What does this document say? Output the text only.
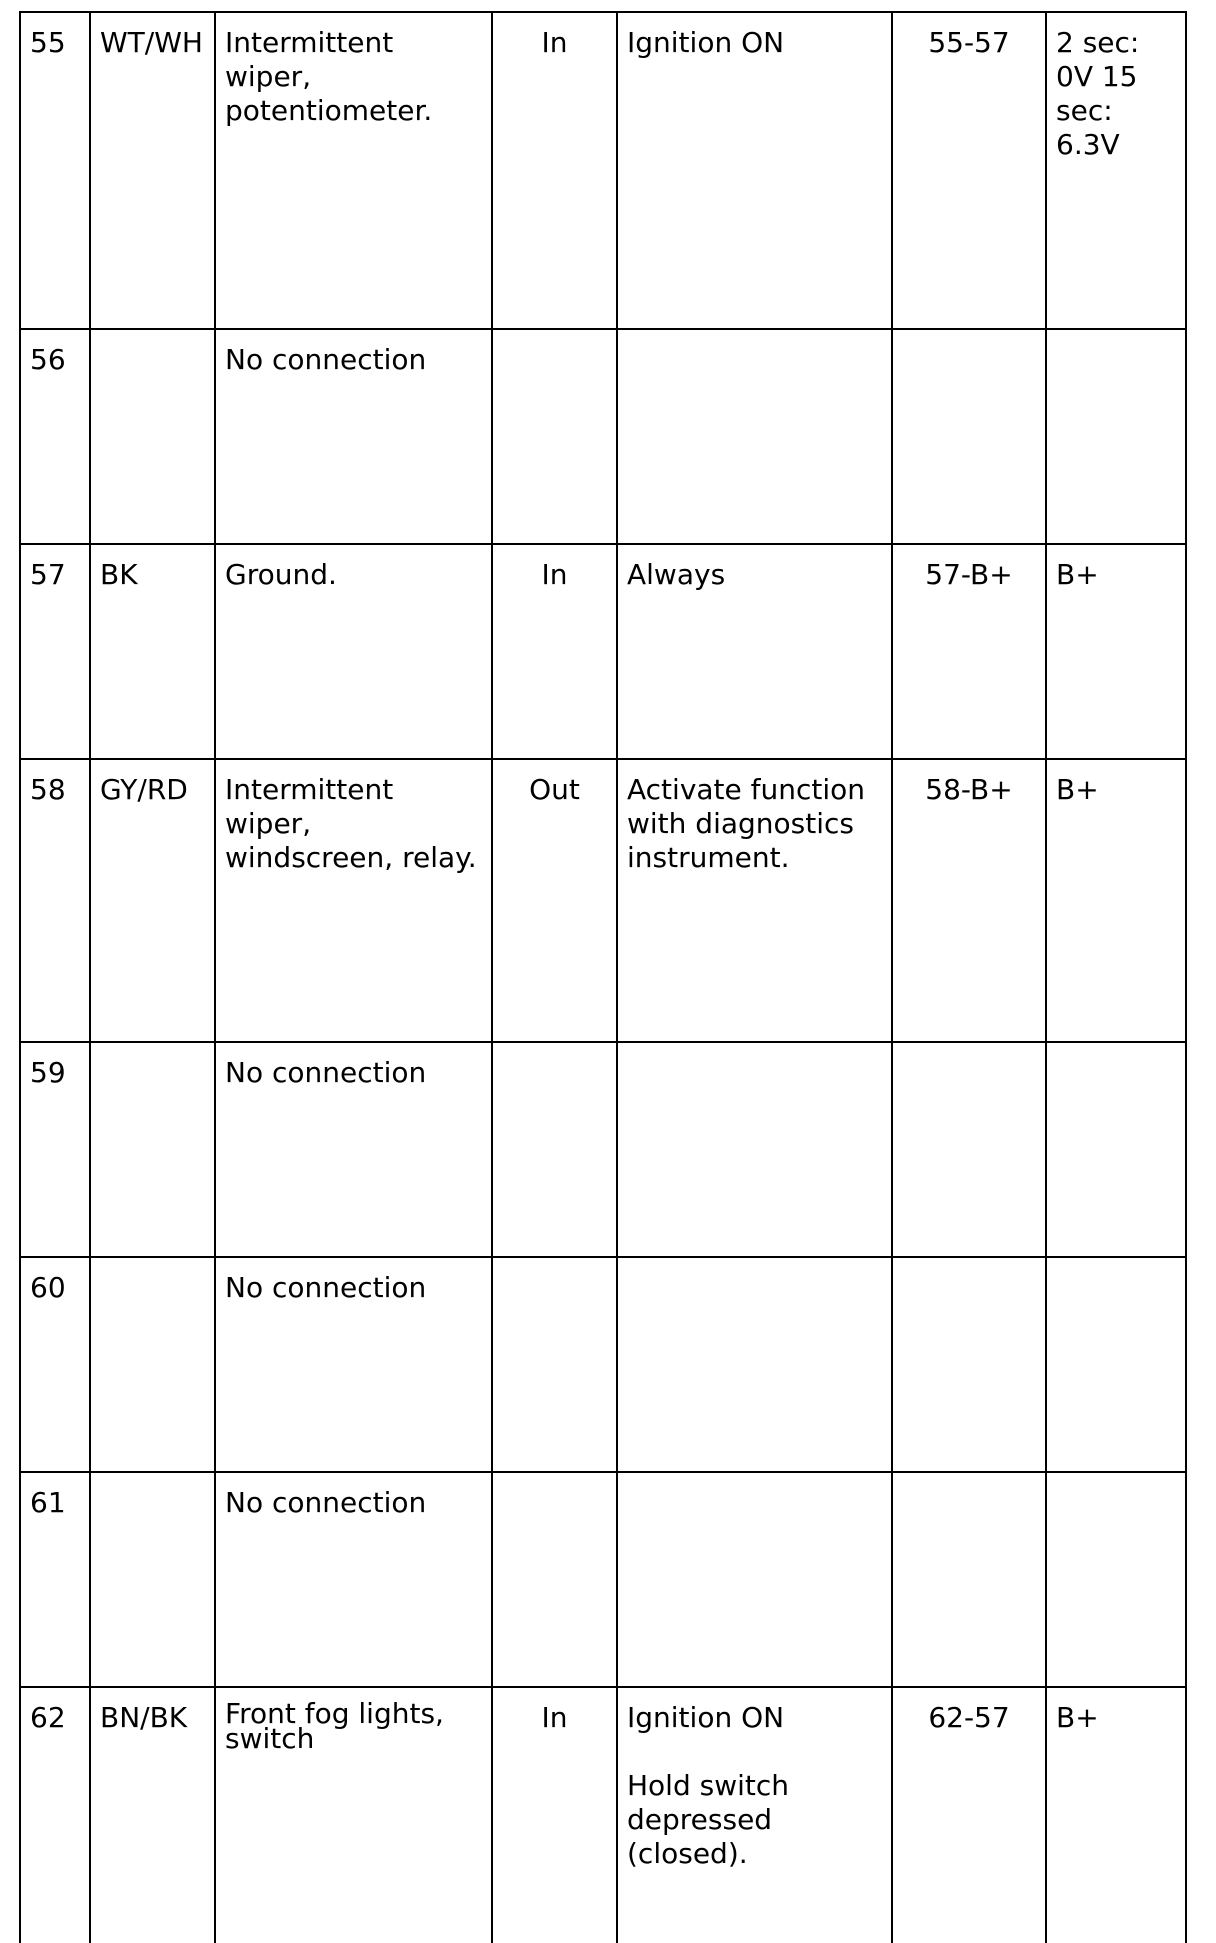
55	WT/WH	Intermittent
wiper,
potentiometer.	In	Ignition ON	55-57	2 sec:
0V 15
sec:
6.3V
56		No connection				
57	BK	Ground.	In	Always	57-B+	B+
58	GY/RD	Intermittent
wiper,
windscreen, relay.	Out	Activate function
with diagnostics
instrument.	58-B+	B+
59		No connection				
60		No connection				
61		No connection				
62	BN/BK	Front fog lights,
switch	In	Ignition ON

Hold switch
depressed
(closed).	62-57	B+
